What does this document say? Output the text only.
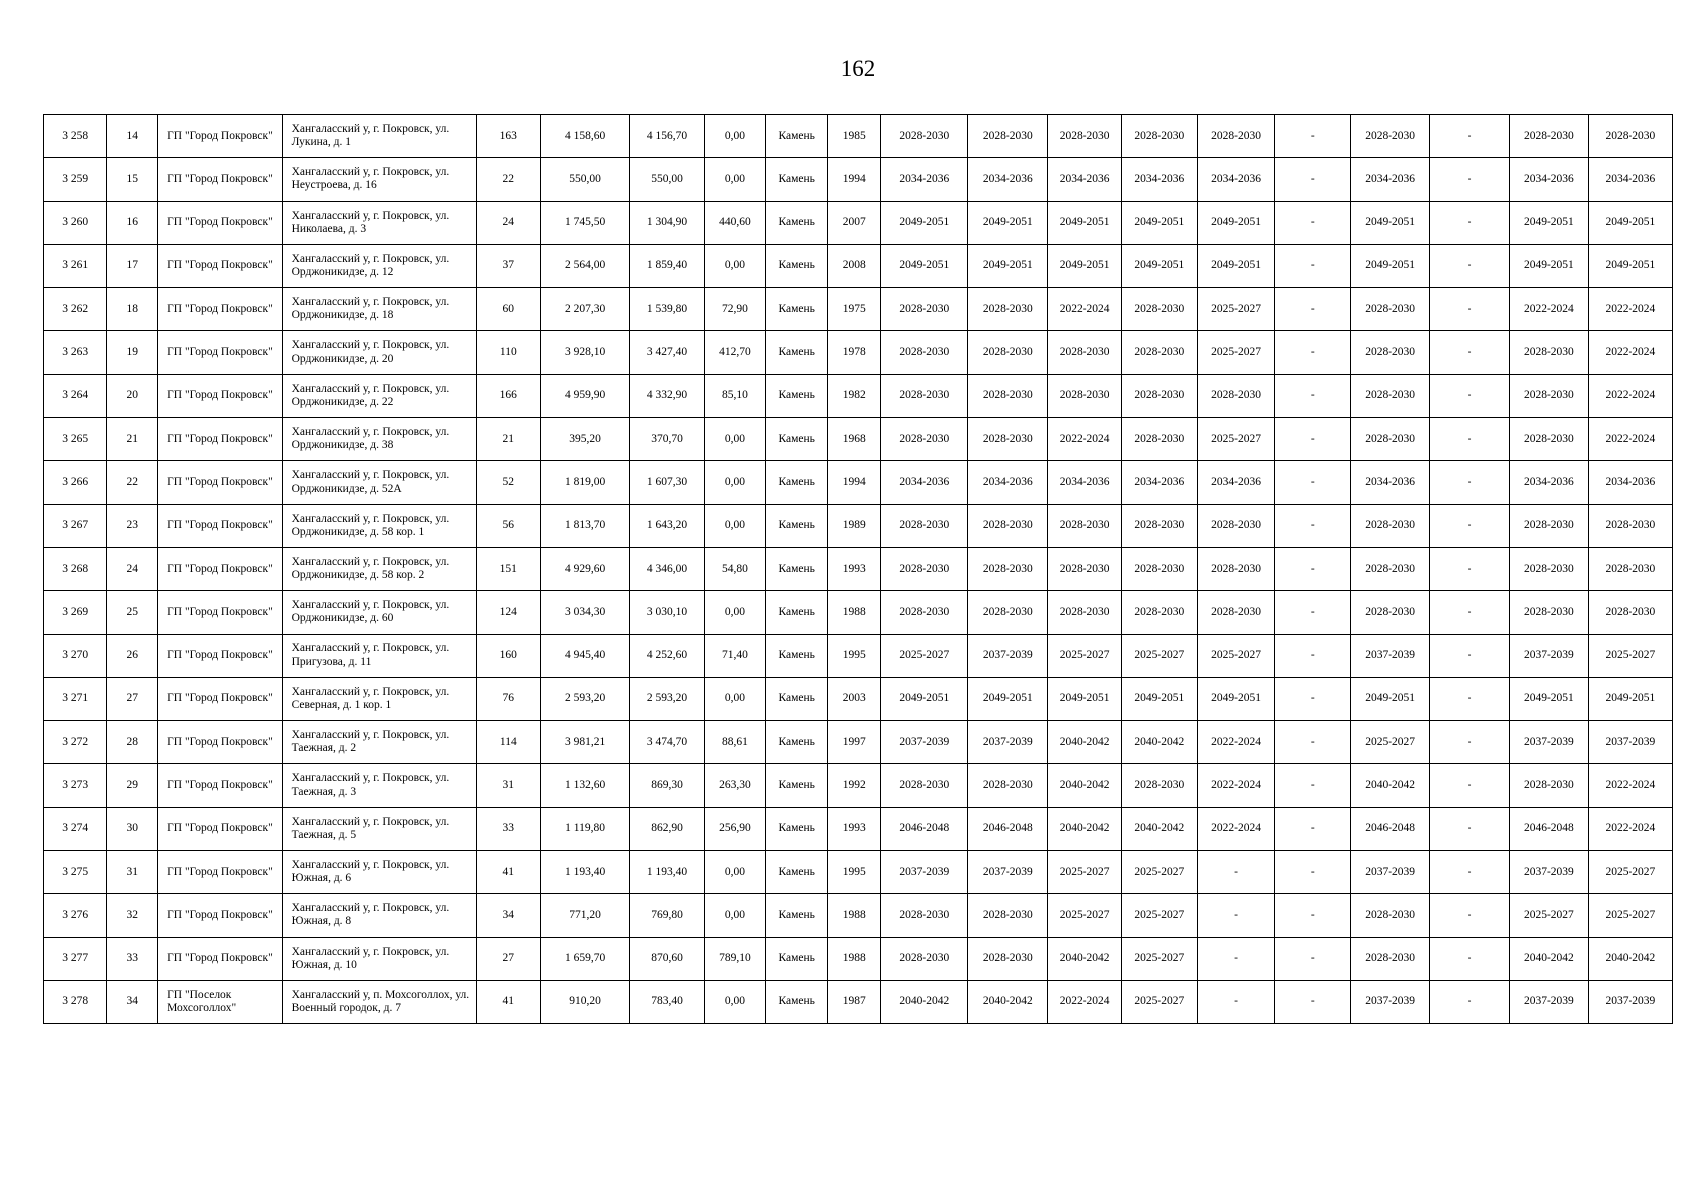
162
3 258	14	ГП "Город Покровск"	Хангаласский у, г. Покровск, ул. Лукина, д. 1	163	4 158,60	4 156,70	0,00	Камень	1985	2028-2030	2028-2030	2028-2030	2028-2030	2028-2030	-	2028-2030	-	2028-2030	2028-2030
3 259	15	ГП "Город Покровск"	Хангаласский у, г. Покровск, ул. Неустроева, д. 16	22	550,00	550,00	0,00	Камень	1994	2034-2036	2034-2036	2034-2036	2034-2036	2034-2036	-	2034-2036	-	2034-2036	2034-2036
3 260	16	ГП "Город Покровск"	Хангаласский у, г. Покровск, ул. Николаева, д. 3	24	1 745,50	1 304,90	440,60	Камень	2007	2049-2051	2049-2051	2049-2051	2049-2051	2049-2051	-	2049-2051	-	2049-2051	2049-2051
3 261	17	ГП "Город Покровск"	Хангаласский у, г. Покровск, ул. Орджоникидзе, д. 12	37	2 564,00	1 859,40	0,00	Камень	2008	2049-2051	2049-2051	2049-2051	2049-2051	2049-2051	-	2049-2051	-	2049-2051	2049-2051
3 262	18	ГП "Город Покровск"	Хангаласский у, г. Покровск, ул. Орджоникидзе, д. 18	60	2 207,30	1 539,80	72,90	Камень	1975	2028-2030	2028-2030	2022-2024	2028-2030	2025-2027	-	2028-2030	-	2022-2024	2022-2024
3 263	19	ГП "Город Покровск"	Хангаласский у, г. Покровск, ул. Орджоникидзе, д. 20	110	3 928,10	3 427,40	412,70	Камень	1978	2028-2030	2028-2030	2028-2030	2028-2030	2025-2027	-	2028-2030	-	2028-2030	2022-2024
3 264	20	ГП "Город Покровск"	Хангаласский у, г. Покровск, ул. Орджоникидзе, д. 22	166	4 959,90	4 332,90	85,10	Камень	1982	2028-2030	2028-2030	2028-2030	2028-2030	2028-2030	-	2028-2030	-	2028-2030	2022-2024
3 265	21	ГП "Город Покровск"	Хангаласский у, г. Покровск, ул. Орджоникидзе, д. 38	21	395,20	370,70	0,00	Камень	1968	2028-2030	2028-2030	2022-2024	2028-2030	2025-2027	-	2028-2030	-	2028-2030	2022-2024
3 266	22	ГП "Город Покровск"	Хангаласский у, г. Покровск, ул. Орджоникидзе, д. 52А	52	1 819,00	1 607,30	0,00	Камень	1994	2034-2036	2034-2036	2034-2036	2034-2036	2034-2036	-	2034-2036	-	2034-2036	2034-2036
3 267	23	ГП "Город Покровск"	Хангаласский у, г. Покровск, ул. Орджоникидзе, д. 58 кор. 1	56	1 813,70	1 643,20	0,00	Камень	1989	2028-2030	2028-2030	2028-2030	2028-2030	2028-2030	-	2028-2030	-	2028-2030	2028-2030
3 268	24	ГП "Город Покровск"	Хангаласский у, г. Покровск, ул. Орджоникидзе, д. 58 кор. 2	151	4 929,60	4 346,00	54,80	Камень	1993	2028-2030	2028-2030	2028-2030	2028-2030	2028-2030	-	2028-2030	-	2028-2030	2028-2030
3 269	25	ГП "Город Покровск"	Хангаласский у, г. Покровск, ул. Орджоникидзе, д. 60	124	3 034,30	3 030,10	0,00	Камень	1988	2028-2030	2028-2030	2028-2030	2028-2030	2028-2030	-	2028-2030	-	2028-2030	2028-2030
3 270	26	ГП "Город Покровск"	Хангаласский у, г. Покровск, ул. Пригузова, д. 11	160	4 945,40	4 252,60	71,40	Камень	1995	2025-2027	2037-2039	2025-2027	2025-2027	2025-2027	-	2037-2039	-	2037-2039	2025-2027
3 271	27	ГП "Город Покровск"	Хангаласский у, г. Покровск, ул. Северная, д. 1 кор. 1	76	2 593,20	2 593,20	0,00	Камень	2003	2049-2051	2049-2051	2049-2051	2049-2051	2049-2051	-	2049-2051	-	2049-2051	2049-2051
3 272	28	ГП "Город Покровск"	Хангаласский у, г. Покровск, ул. Таежная, д. 2	114	3 981,21	3 474,70	88,61	Камень	1997	2037-2039	2037-2039	2040-2042	2040-2042	2022-2024	-	2025-2027	-	2037-2039	2037-2039
3 273	29	ГП "Город Покровск"	Хангаласский у, г. Покровск, ул. Таежная, д. 3	31	1 132,60	869,30	263,30	Камень	1992	2028-2030	2028-2030	2040-2042	2028-2030	2022-2024	-	2040-2042	-	2028-2030	2022-2024
3 274	30	ГП "Город Покровск"	Хангаласский у, г. Покровск, ул. Таежная, д. 5	33	1 119,80	862,90	256,90	Камень	1993	2046-2048	2046-2048	2040-2042	2040-2042	2022-2024	-	2046-2048	-	2046-2048	2022-2024
3 275	31	ГП "Город Покровск"	Хангаласский у, г. Покровск, ул. Южная, д. 6	41	1 193,40	1 193,40	0,00	Камень	1995	2037-2039	2037-2039	2025-2027	2025-2027	-	-	2037-2039	-	2037-2039	2025-2027
3 276	32	ГП "Город Покровск"	Хангаласский у, г. Покровск, ул. Южная, д. 8	34	771,20	769,80	0,00	Камень	1988	2028-2030	2028-2030	2025-2027	2025-2027	-	-	2028-2030	-	2025-2027	2025-2027
3 277	33	ГП "Город Покровск"	Хангаласский у, г. Покровск, ул. Южная, д. 10	27	1 659,70	870,60	789,10	Камень	1988	2028-2030	2028-2030	2040-2042	2025-2027	-	-	2028-2030	-	2040-2042	2040-2042
3 278	34	ГП "Поселок Мохсоголлох"	Хангаласский у, п. Мохсоголлох, ул. Военный городок, д. 7	41	910,20	783,40	0,00	Камень	1987	2040-2042	2040-2042	2022-2024	2025-2027	-	-	2037-2039	-	2037-2039	2037-2039
